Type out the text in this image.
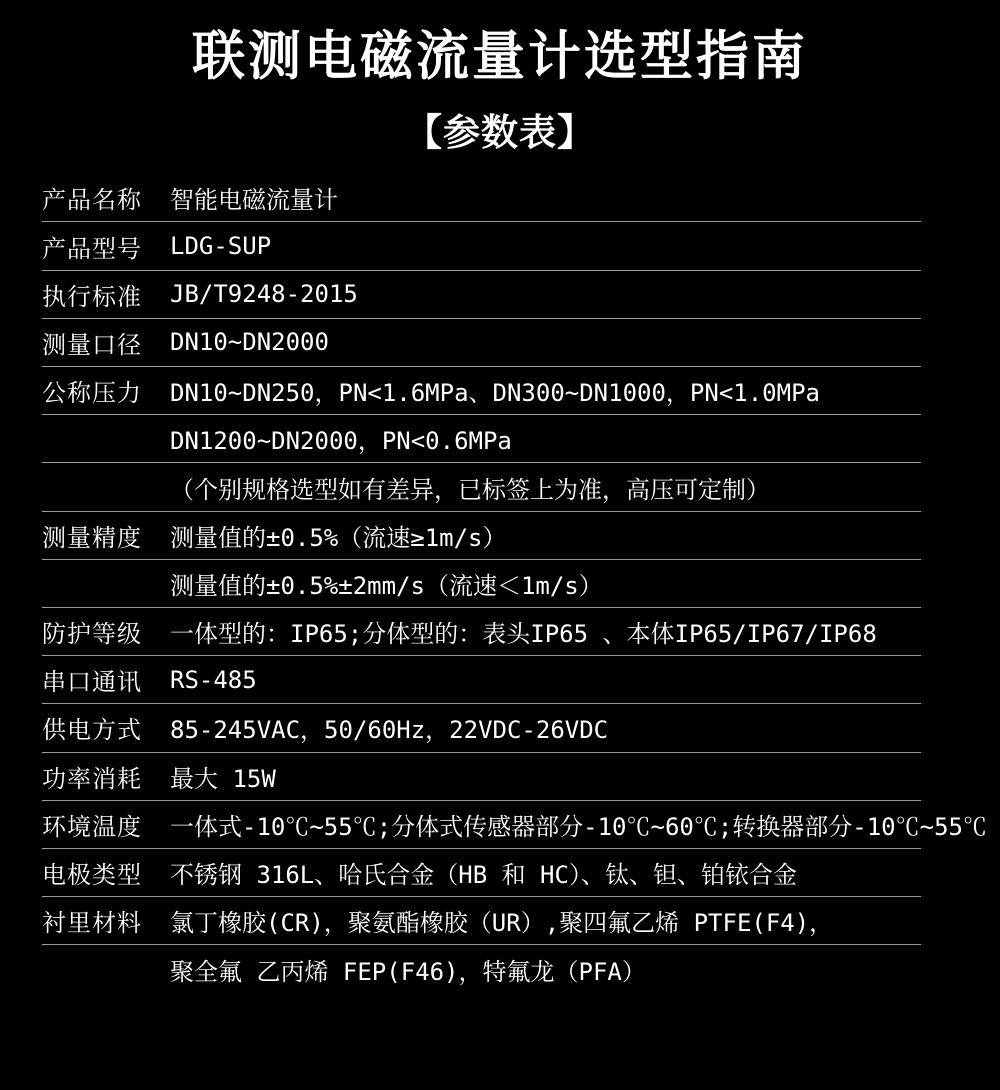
联测电磁流量计选型指南
【参数表】
产品名称	智能电磁流量计
产品型号	LDG-SUP
执行标准	JB/T9248-2015
测量口径	DN10~DN2000
公称压力	DN10~DN250，PN<1.6MPa、DN300~DN1000，PN<1.0MPa
DN1200~DN2000，PN<0.6MPa
（个别规格选型如有差异，已标签上为准，高压可定制）
测量精度	测量值的±0.5%（流速≥1m/s）
测量值的±0.5%±2mm/s（流速＜1m/s）
防护等级	一体型的：IP65;分体型的：表头IP65 、本体IP65/IP67/IP68
串口通讯	RS-485
供电方式	85-245VAC，50/60Hz，22VDC-26VDC
功率消耗	最大 15W
环境温度	一体式-10℃~55℃;分体式传感器部分-10℃~60℃;转换器部分-10℃~55℃
电极类型	不锈钢 316L、哈氏合金（HB 和 HC）、钛、钽、铂铱合金
衬里材料	氯丁橡胶(CR)，聚氨酯橡胶（UR）,聚四氟乙烯 PTFE(F4)，
聚全氟 乙丙烯 FEP(F46)，特氟龙（PFA）
